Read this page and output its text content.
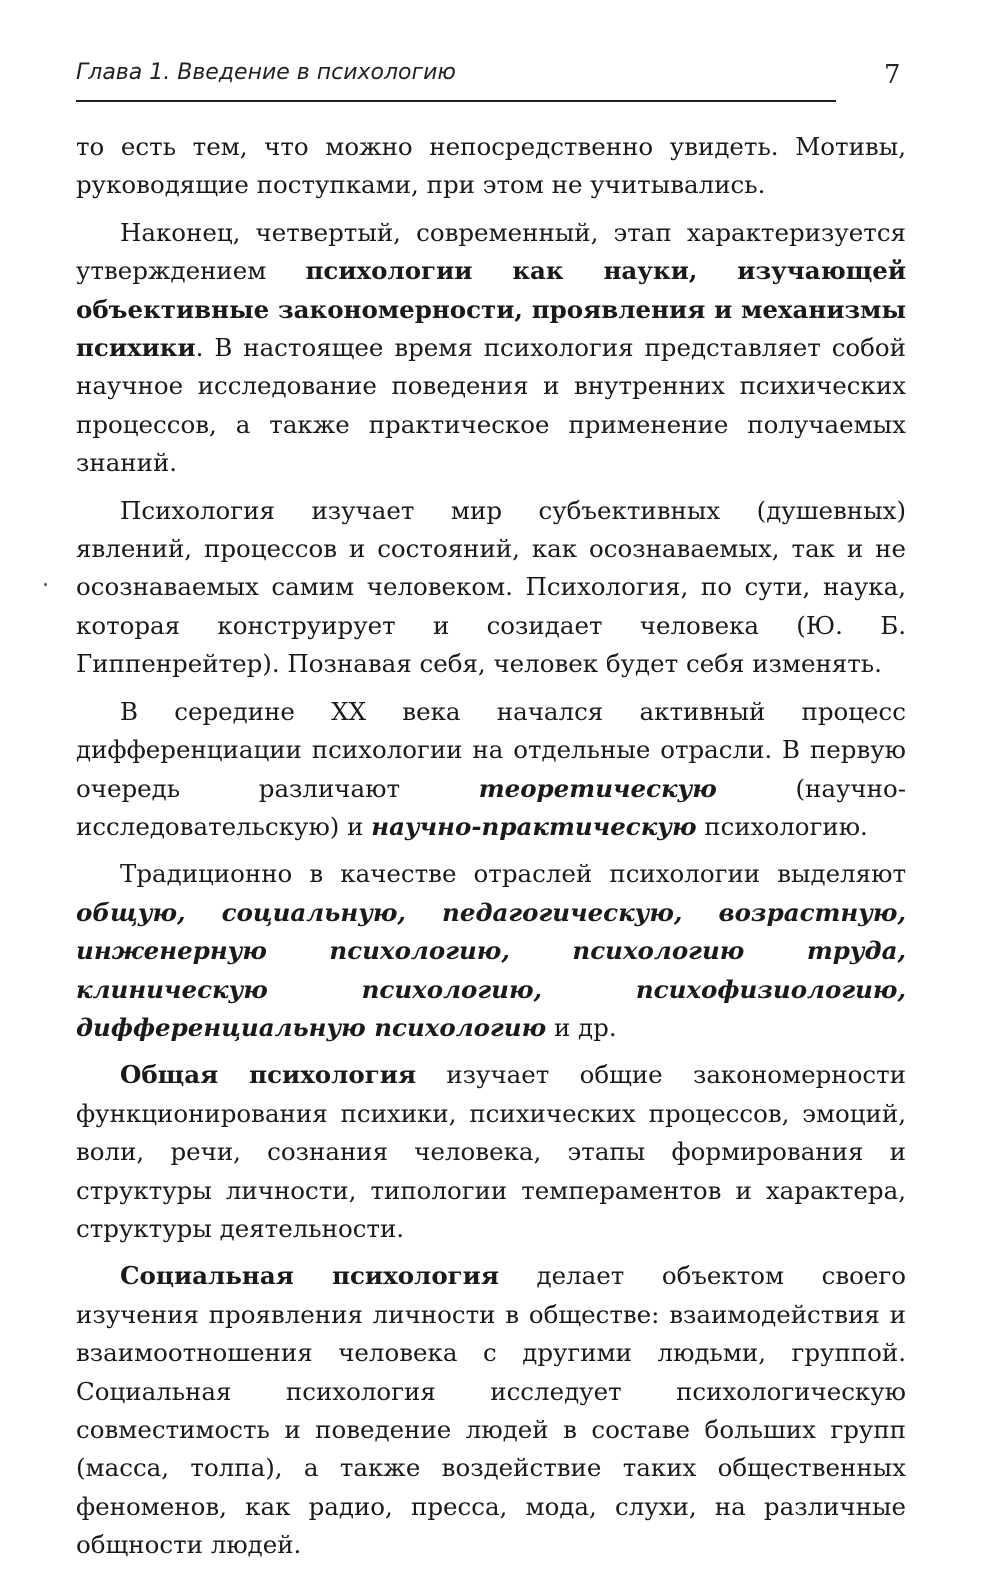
Глава 1. Введение в психологию	7

то есть тем, что можно непосредственно увидеть. Мотивы, руководящие поступками, при этом не учитывались.

Наконец, четвертый, современный, этап характеризуется утверждением психологии как науки, изучающей объективные закономерности, проявления и механизмы психики. В настоящее время психология представляет собой научное исследование поведения и внутренних психических процессов, а также практическое применение получаемых знаний.

Психология изучает мир субъективных (душевных) явлений, процессов и состояний, как осознаваемых, так и не осознаваемых самим человеком. Психология, по сути, наука, которая конструирует и созидает человека (Ю. Б. Гиппенрейтер). Познавая себя, человек будет себя изменять.

В середине XX века начался активный процесс дифференциации психологии на отдельные отрасли. В первую очередь различают теоретическую (научно-исследовательскую) и научно-практическую психологию.

Традиционно в качестве отраслей психологии выделяют общую, социальную, педагогическую, возрастную, инженерную психологию, психологию труда, клиническую психологию, психофизиологию, дифференциальную психологию и др.

Общая психология изучает общие закономерности функционирования психики, психических процессов, эмоций, воли, речи, сознания человека, этапы формирования и структуры личности, типологии темпераментов и характера, структуры деятельности.

Социальная психология делает объектом своего изучения проявления личности в обществе: взаимодействия и взаимоотношения человека с другими людьми, группой. Социальная психология исследует психологическую совместимость и поведение людей в составе больших групп (масса, толпа), а также воздействие таких общественных феноменов, как радио, пресса, мода, слухи, на различные общности людей.
